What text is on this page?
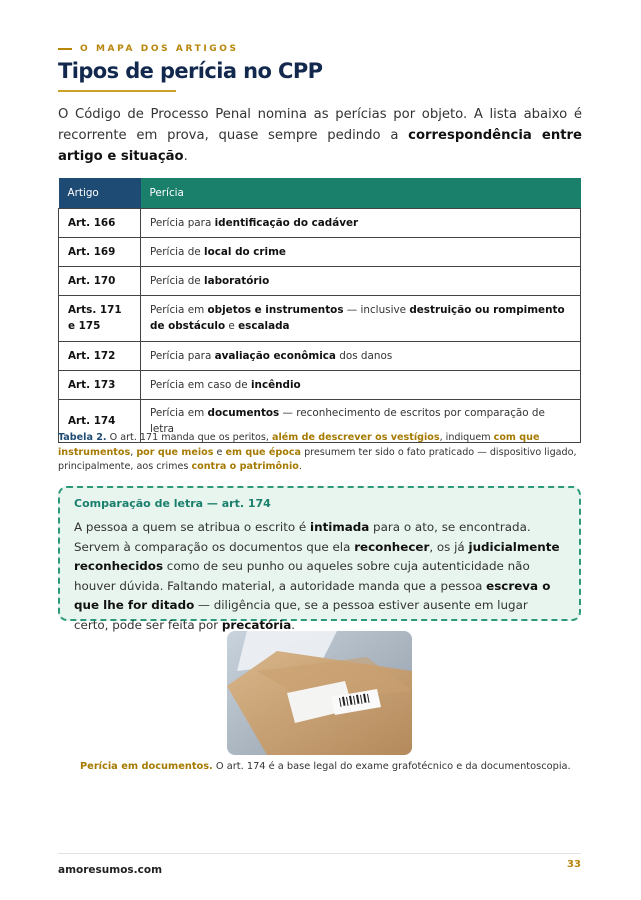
O MAPA DOS ARTIGOS
Tipos de perícia no CPP

O Código de Processo Penal nomina as perícias por objeto. A lista abaixo é recorrente em prova, quase sempre pedindo a correspondência entre artigo e situação.

Artigo	Perícia
Art. 166	Perícia para identificação do cadáver
Art. 169	Perícia de local do crime
Art. 170	Perícia de laboratório
Arts. 171 e 175	Perícia em objetos e instrumentos — inclusive destruição ou rompimento de obstáculo e escalada
Art. 172	Perícia para avaliação econômica dos danos
Art. 173	Perícia em caso de incêndio
Art. 174	Perícia em documentos — reconhecimento de escritos por comparação de letra

Tabela 2. O art. 171 manda que os peritos, além de descrever os vestígios, indiquem com que instrumentos, por que meios e em que época presumem ter sido o fato praticado — dispositivo ligado, principalmente, aos crimes contra o patrimônio.

Comparação de letra — art. 174

A pessoa a quem se atribua o escrito é intimada para o ato, se encontrada. Servem à comparação os documentos que ela reconhecer, os já judicialmente reconhecidos como de seu punho ou aqueles sobre cuja autenticidade não houver dúvida. Faltando material, a autoridade manda que a pessoa escreva o que lhe for ditado — diligência que, se a pessoa estiver ausente em lugar certo, pode ser feita por precatória.

Perícia em documentos. O art. 174 é a base legal do exame grafotécnico e da documentoscopia.

amoresumos.com	33
